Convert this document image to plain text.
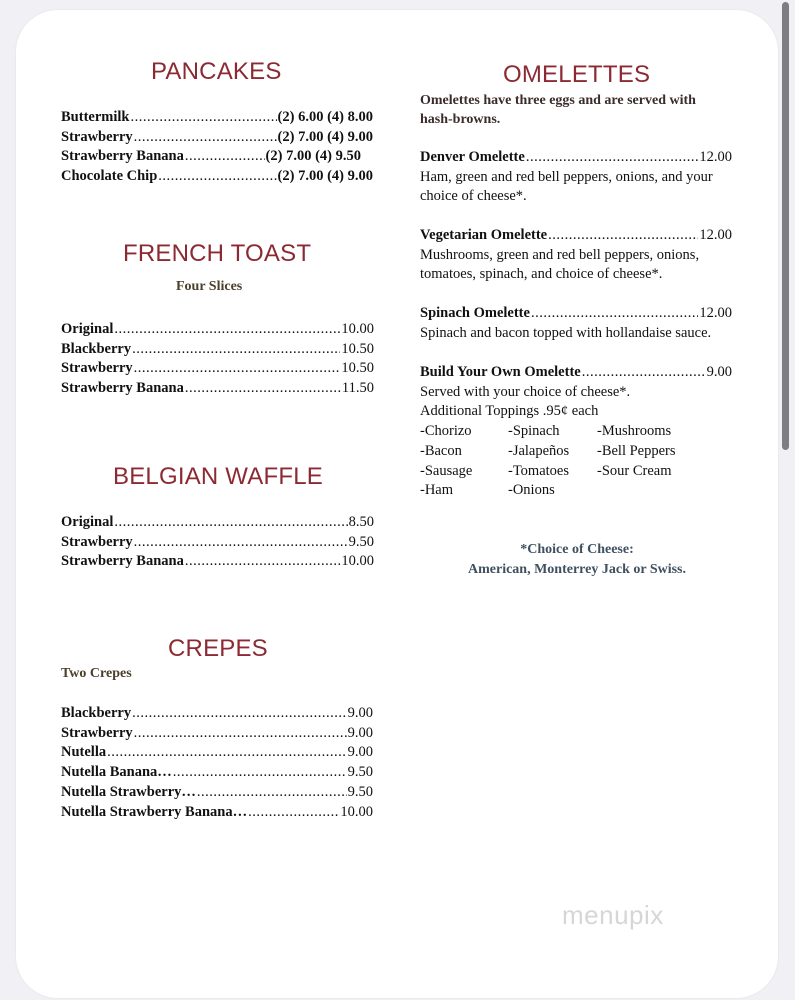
PANCAKES
Buttermilk .....	(2) 6.00 (4) 8.00
Strawberry .....	(2) 7.00 (4) 9.00
Strawberry Banana .....	(2) 7.00 (4) 9.50
Chocolate Chip .....	(2) 7.00 (4) 9.00
FRENCH TOAST
Four Slices
Original .....	10.00
Blackberry .....	10.50
Strawberry .....	10.50
Strawberry Banana .....	11.50
BELGIAN WAFFLE
Original .....	8.50
Strawberry .....	9.50
Strawberry Banana .....	10.00
CREPES
Two Crepes
Blackberry .....	9.00
Strawberry .....	9.00
Nutella .....	9.00
Nutella Banana… .....	9.50
Nutella Strawberry… .....	9.50
Nutella Strawberry Banana… .....	10.00
OMELETTES
Omelettes have three eggs and are served with hash-browns.
Denver Omelette .....	12.00
Ham, green and red bell peppers, onions, and your choice of cheese*.
Vegetarian Omelette .....	12.00
Mushrooms, green and red bell peppers, onions, tomatoes, spinach, and choice of cheese*.
Spinach Omelette .....	12.00
Spinach and bacon topped with hollandaise sauce.
Build Your Own Omelette .....	9.00
Served with your choice of cheese*.
Additional Toppings .95¢ each
-Chorizo	-Spinach	-Mushrooms
-Bacon	-Jalapeños	-Bell Peppers
-Sausage	-Tomatoes	-Sour Cream
-Ham	-Onions
*Choice of Cheese:
American, Monterrey Jack or Swiss.
menupix
